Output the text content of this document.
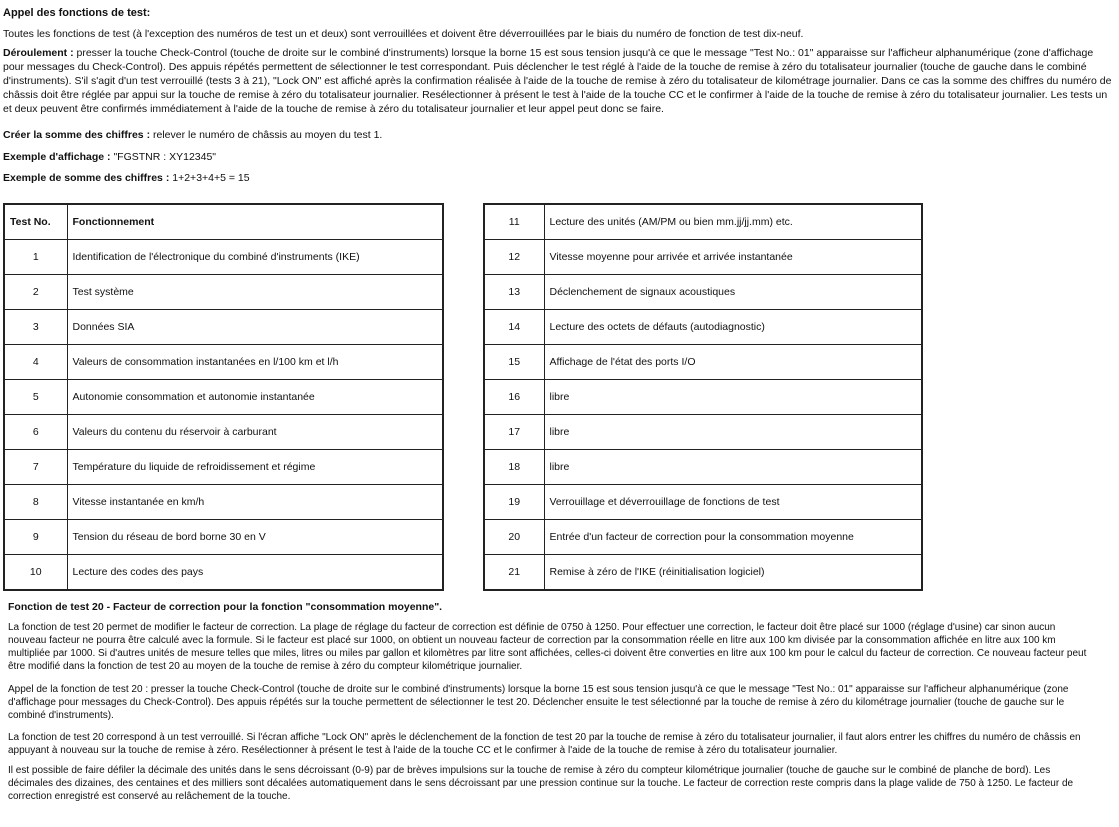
Appel des fonctions de test:
Toutes les fonctions de test (à l'exception des numéros de test un et deux) sont verrouillées et doivent être déverrouillées par le biais du numéro de fonction de test dix-neuf.
Déroulement : presser la touche Check-Control (touche de droite sur le combiné d'instruments) lorsque la borne 15 est sous tension jusqu'à ce que le message "Test No.: 01" apparaisse sur l'afficheur alphanumérique (zone d'affichage pour messages du Check-Control). Des appuis répétés permettent de sélectionner le test correspondant. Puis déclencher le test réglé à l'aide de la touche de remise à zéro du totalisateur journalier (touche de gauche dans le combiné d'instruments). S'il s'agit d'un test verrouillé (tests 3 à 21), "Lock ON" est affiché après la confirmation réalisée à l'aide de la touche de remise à zéro du totalisateur de kilométrage journalier. Dans ce cas la somme des chiffres du numéro de châssis doit être réglée par appui sur la touche de remise à zéro du totalisateur journalier. Resélectionner à présent le test à l'aide de la touche CC et le confirmer à l'aide de la touche de remise à zéro du totalisateur journalier. Les tests un et deux peuvent être confirmés immédiatement à l'aide de la touche de remise à zéro du totalisateur journalier et leur appel peut donc se faire.
Créer la somme des chiffres : relever le numéro de châssis au moyen du test 1.
Exemple d'affichage : "FGSTNR : XY12345"
Exemple de somme des chiffres : 1+2+3+4+5 = 15
Test No.	Fonctionnement
1	Identification de l'électronique du combiné d'instruments (IKE)
2	Test système
3	Données SIA
4	Valeurs de consommation instantanées en l/100 km et l/h
5	Autonomie consommation et autonomie instantanée
6	Valeurs du contenu du réservoir à carburant
7	Température du liquide de refroidissement et régime
8	Vitesse instantanée en km/h
9	Tension du réseau de bord borne 30 en V
10	Lecture des codes des pays
11	Lecture des unités (AM/PM ou bien mm.jj/jj.mm) etc.
12	Vitesse moyenne pour arrivée et arrivée instantanée
13	Déclenchement de signaux acoustiques
14	Lecture des octets de défauts (autodiagnostic)
15	Affichage de l'état des ports I/O
16	libre
17	libre
18	libre
19	Verrouillage et déverrouillage de fonctions de test
20	Entrée d'un facteur de correction pour la consommation moyenne
21	Remise à zéro de l'IKE (réinitialisation logiciel)
Fonction de test 20 - Facteur de correction pour la fonction "consommation moyenne".
La fonction de test 20 permet de modifier le facteur de correction. La plage de réglage du facteur de correction est définie de 0750 à 1250. Pour effectuer une correction, le facteur doit être placé sur 1000 (réglage d'usine) car sinon aucun nouveau facteur ne pourra être calculé avec la formule. Si le facteur est placé sur 1000, on obtient un nouveau facteur de correction par la consommation réelle en litre aux 100 km divisée par la consommation affichée en litre aux 100 km multipliée par 1000. Si d'autres unités de mesure telles que miles, litres ou miles par gallon et kilomètres par litre sont affichées, celles-ci doivent être converties en litre aux 100 km pour le calcul du facteur de correction. Ce nouveau facteur peut être modifié dans la fonction de test 20 au moyen de la touche de remise à zéro du compteur kilométrique journalier.
Appel de la fonction de test 20 : presser la touche Check-Control (touche de droite sur le combiné d'instruments) lorsque la borne 15 est sous tension jusqu'à ce que le message "Test No.: 01" apparaisse sur l'afficheur alphanumérique (zone d'affichage pour messages du Check-Control). Des appuis répétés sur la touche permettent de sélectionner le test 20. Déclencher ensuite le test sélectionné par la touche de remise à zéro du kilométrage journalier (touche de gauche sur le combiné d'instruments).
La fonction de test 20 correspond à un test verrouillé. Si l'écran affiche "Lock ON" après le déclenchement de la fonction de test 20 par la touche de remise à zéro du totalisateur journalier, il faut alors entrer les chiffres du numéro de châssis en appuyant à nouveau sur la touche de remise à zéro. Resélectionner à présent le test à l'aide de la touche CC et le confirmer à l'aide de la touche de remise à zéro du totalisateur journalier.
Il est possible de faire défiler la décimale des unités dans le sens décroissant (0-9) par de brèves impulsions sur la touche de remise à zéro du compteur kilométrique journalier (touche de gauche sur le combiné de planche de bord). Les décimales des dizaines, des centaines et des milliers sont décalées automatiquement dans le sens décroissant par une pression continue sur la touche. Le facteur de correction reste compris dans la plage valide de 750 à 1250. Le facteur de correction enregistré est conservé au relâchement de la touche.
